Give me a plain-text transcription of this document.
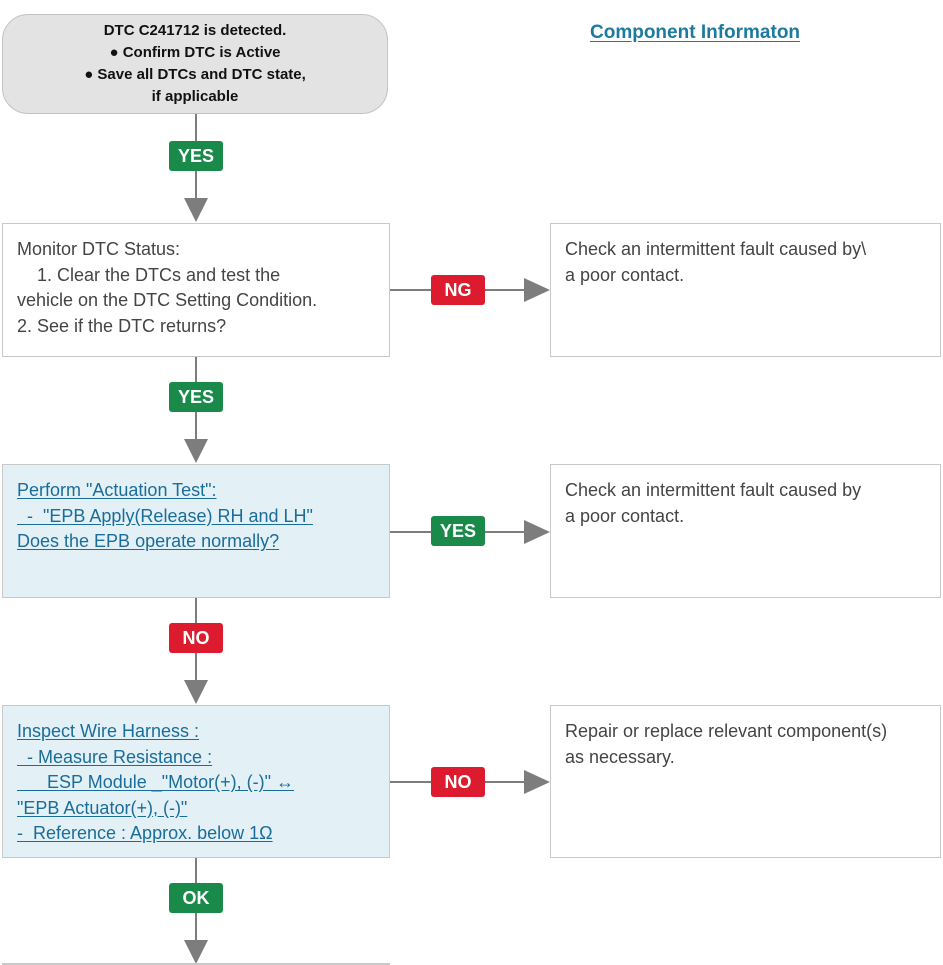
Component Informaton
DTC C241712 is detected.
● Confirm DTC is Active
● Save all DTCs and DTC state,
if applicable
YES
Monitor DTC Status:
1. Clear the DTCs and test the
vehicle on the DTC Setting Condition.
2. See if the DTC returns?
NG
Check an intermittent fault caused by\
a poor contact.
YES
Perform "Actuation Test":
-  "EPB Apply(Release) RH and LH"
Does the EPB operate normally?
YES
Check an intermittent fault caused by
a poor contact.
NO
Inspect Wire Harness :
- Measure Resistance :
ESP Module _"Motor(+), (-)" ↔
"EPB Actuator(+), (-)"
-  Reference : Approx. below 1Ω
NO
Repair or replace relevant component(s)
as necessary.
OK
